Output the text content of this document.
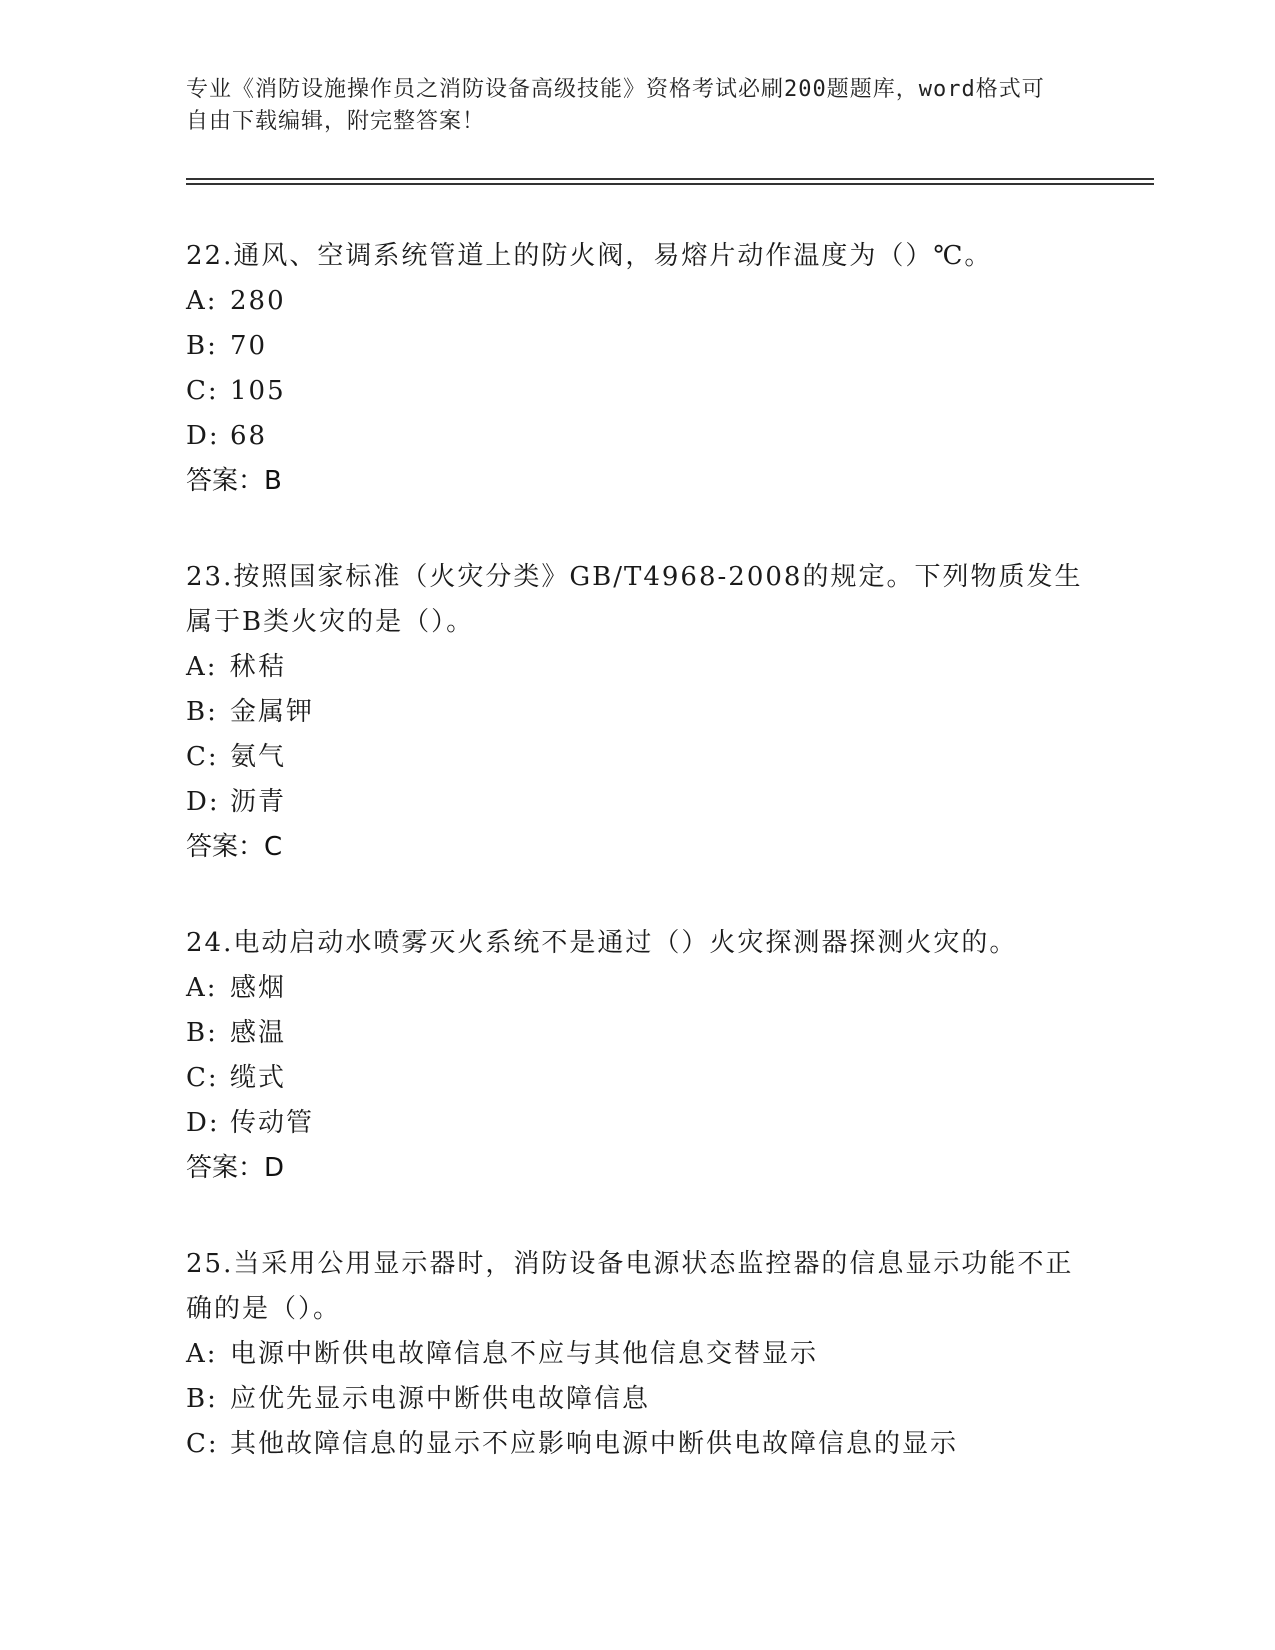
专业《消防设施操作员之消防设备高级技能》资格考试必刷200题题库，word格式可自由下载编辑，附完整答案！
22.通风、空调系统管道上的防火阀，易熔片动作温度为（）℃。
A: 280
B: 70
C: 105
D: 68
答案：B
23.按照国家标准（火灾分类》GB/T4968-2008的规定。下列物质发生属于B类火灾的是（）。
A: 秫秸
B: 金属钾
C: 氨气
D: 沥青
答案：C
24.电动启动水喷雾灭火系统不是通过（）火灾探测器探测火灾的。
A: 感烟
B: 感温
C: 缆式
D: 传动管
答案：D
25.当采用公用显示器时，消防设备电源状态监控器的信息显示功能不正确的是（）。
A: 电源中断供电故障信息不应与其他信息交替显示
B: 应优先显示电源中断供电故障信息
C: 其他故障信息的显示不应影响电源中断供电故障信息的显示
